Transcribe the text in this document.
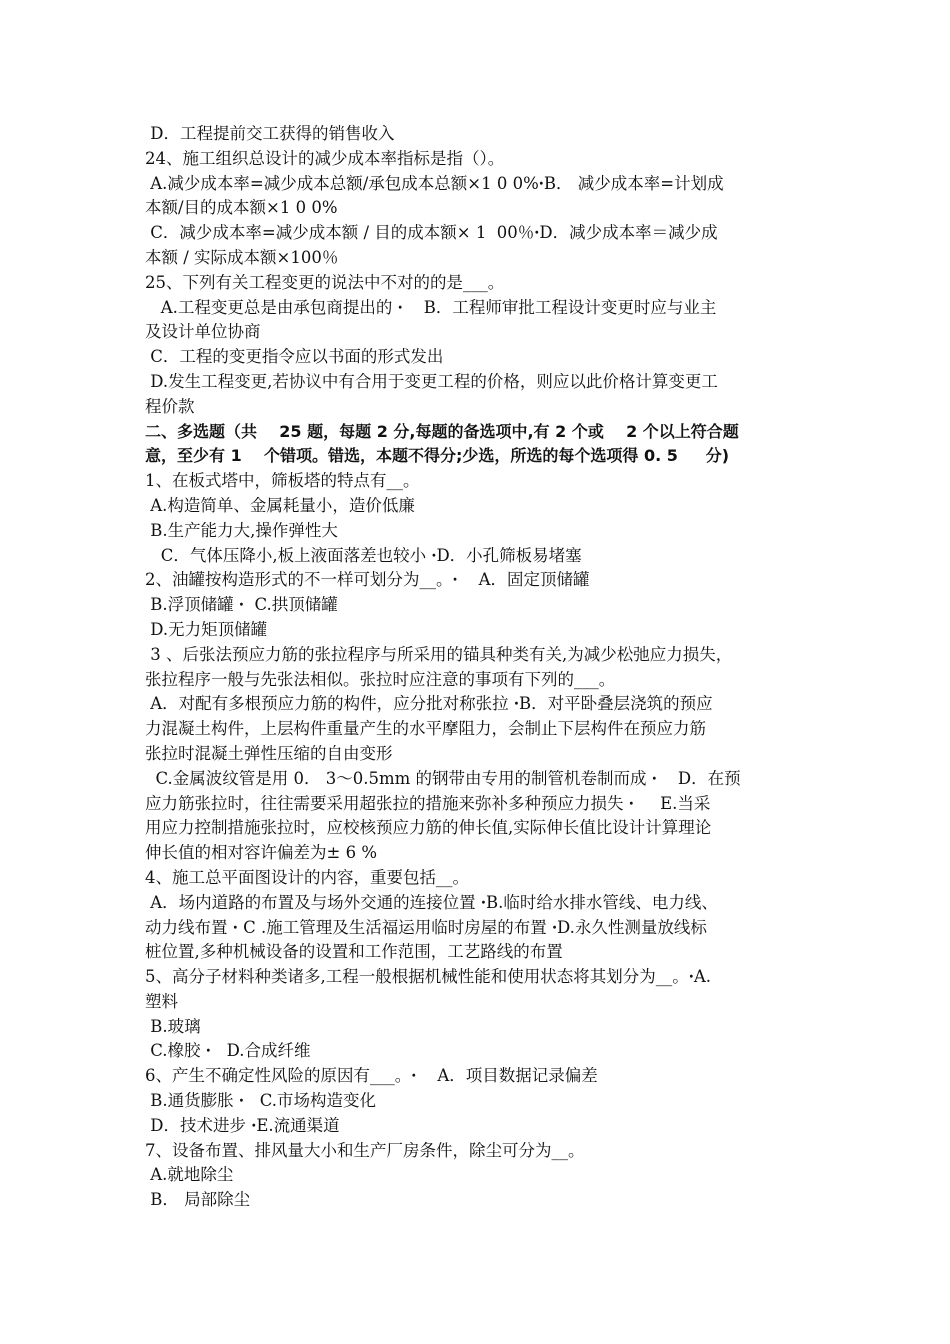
D．工程提前交工获得的销售收入
24、施工组织总设计的减少成本率指标是指（）。
A.减少成本率=减少成本总额/承包成本总额×1 0 0%ꞏB． 减少成本率=计划成
本额/目的成本额×1 0 0%
C．减少成本率=减少成本额 / 目的成本额× 1  00％ꞏD．减少成本率＝减少成
本额 / 实际成本额×100％
25、下列有关工程变更的说法中不对的的是___。
A.工程变更总是由承包商提出的 ꞏ    B．工程师审批工程设计变更时应与业主
及设计单位协商
C．工程的变更指令应以书面的形式发出
D.发生工程变更,若协议中有合用于变更工程的价格，则应以此价格计算变更工
程价款
二、多选题（共    25 题，每题 2 分,每题的备选项中,有 2 个或    2 个以上符合题
意，至少有 1    个错项。错选，本题不得分;少选，所选的每个选项得 0. 5     分)
1、在板式塔中，筛板塔的特点有__。
A.构造简单、金属耗量小，造价低廉
B.生产能力大,操作弹性大
C．气体压降小,板上液面落差也较小 ꞏD．小孔筛板易堵塞
2、油罐按构造形式的不一样可划分为__。ꞏ    A．固定顶储罐
B.浮顶储罐 ꞏ  C.拱顶储罐
D.无力矩顶储罐
3 、后张法预应力筋的张拉程序与所采用的锚具种类有关,为减少松弛应力损失，
张拉程序一般与先张法相似。张拉时应注意的事项有下列的___。
A．对配有多根预应力筋的构件，应分批对称张拉 ꞏB．对平卧叠层浇筑的预应
力混凝土构件，上层构件重量产生的水平摩阻力，会制止下层构件在预应力筋
张拉时混凝土弹性压缩的自由变形
C.金属波纹管是用 0． 3～0.5mm 的钢带由专用的制管机卷制而成 ꞏ    D．在预
应力筋张拉时，往往需要采用超张拉的措施来弥补多种预应力损失 ꞏ     E.当采
用应力控制措施张拉时，应校核预应力筋的伸长值,实际伸长值比设计计算理论
伸长值的相对容许偏差为± 6 %
4、施工总平面图设计的内容，重要包括__。
A．场内道路的布置及与场外交通的连接位置 ꞏB.临时给水排水管线、电力线、
动力线布置 ꞏ C .施工管理及生活福运用临时房屋的布置 ꞏD.永久性测量放线标
桩位置,多种机械设备的设置和工作范围，工艺路线的布置
5、高分子材料种类诸多,工程一般根据机械性能和使用状态将其划分为__。ꞏA.
塑料
B.玻璃
C.橡胶 ꞏ   D.合成纤维
6、产生不确定性风险的原因有___。ꞏ    A．项目数据记录偏差
B.通货膨胀 ꞏ   C.市场构造变化
D．技术进步 ꞏE.流通渠道
7、设备布置、排风量大小和生产厂房条件，除尘可分为__。
A.就地除尘
B． 局部除尘
